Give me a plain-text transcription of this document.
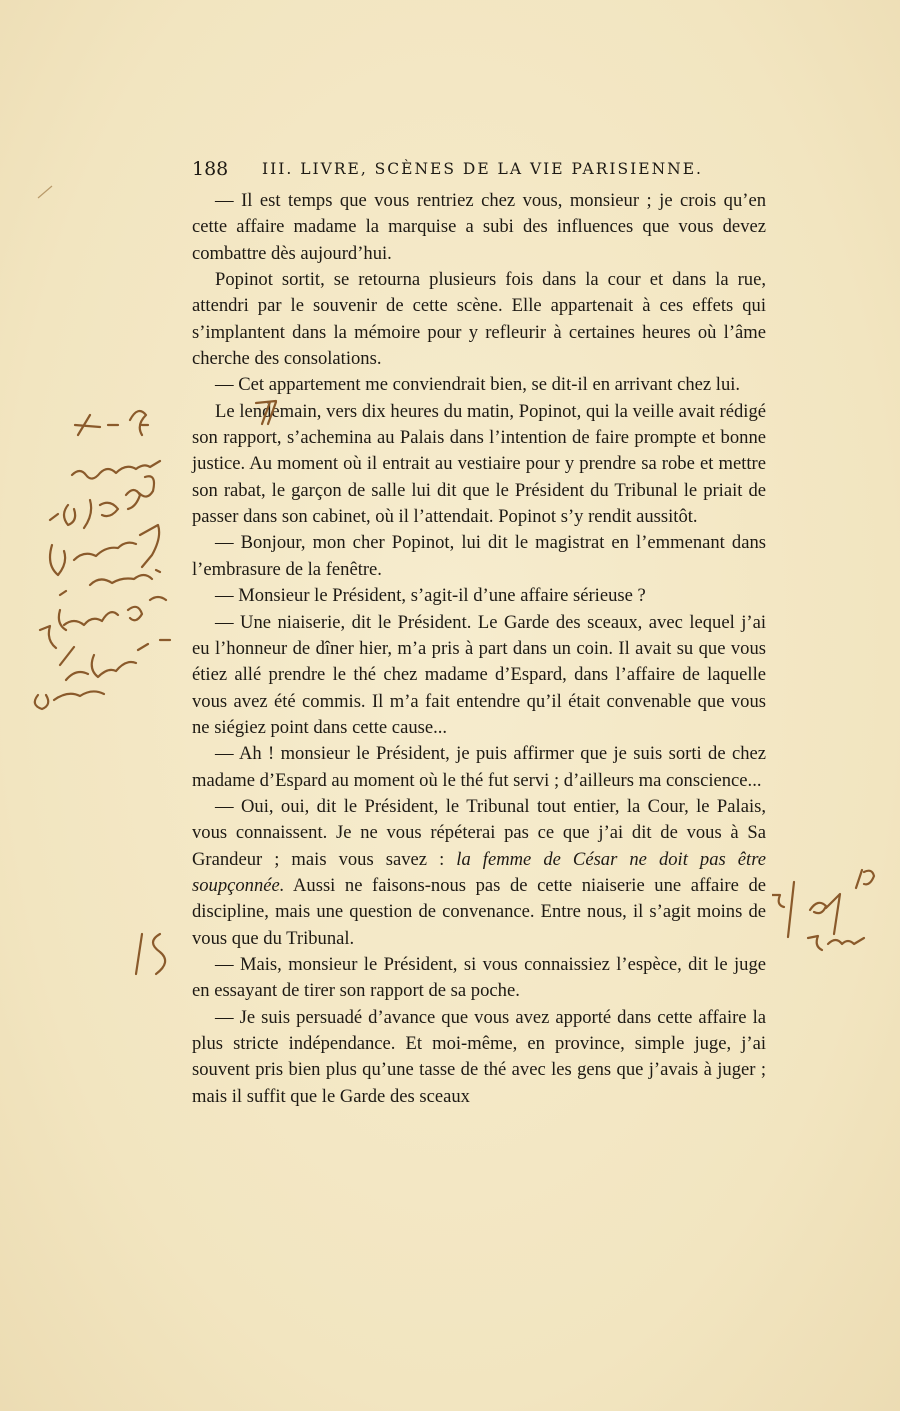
188 III. LIVRE, SCÈNES DE LA VIE PARISIENNE.

— Il est temps que vous rentriez chez vous, monsieur ; je crois qu’en cette affaire madame la marquise a subi des influences que vous devez combattre dès aujourd’hui.

Popinot sortit, se retourna plusieurs fois dans la cour et dans la rue, attendri par le souvenir de cette scène. Elle appartenait à ces effets qui s’implantent dans la mémoire pour y refleurir à certaines heures où l’âme cherche des consolations.

— Cet appartement me conviendrait bien, se dit-il en arrivant chez lui.

Le lendemain, vers dix heures du matin, Popinot, qui la veille avait rédigé son rapport, s’achemina au Palais dans l’intention de faire prompte et bonne justice. Au moment où il entrait au vestiaire pour y prendre sa robe et mettre son rabat, le garçon de salle lui dit que le Président du Tribunal le priait de passer dans son cabinet, où il l’attendait. Popinot s’y rendit aussitôt.

— Bonjour, mon cher Popinot, lui dit le magistrat en l’emmenant dans l’embrasure de la fenêtre.

— Monsieur le Président, s’agit-il d’une affaire sérieuse ?

— Une niaiserie, dit le Président. Le Garde des sceaux, avec lequel j’ai eu l’honneur de dîner hier, m’a pris à part dans un coin. Il avait su que vous étiez allé prendre le thé chez madame d’Espard, dans l’affaire de laquelle vous avez été commis. Il m’a fait entendre qu’il était convenable que vous ne siégiez point dans cette cause...

— Ah ! monsieur le Président, je puis affirmer que je suis sorti de chez madame d’Espard au moment où le thé fut servi ; d’ailleurs ma conscience...

— Oui, oui, dit le Président, le Tribunal tout entier, la Cour, le Palais, vous connaissent. Je ne vous répéterai pas ce que j’ai dit de vous à Sa Grandeur ; mais vous savez : la femme de César ne doit pas être soupçonnée. Aussi ne faisons-nous pas de cette niaiserie une affaire de discipline, mais une question de convenance. Entre nous, il s’agit moins de vous que du Tribunal.

— Mais, monsieur le Président, si vous connaissiez l’espèce, dit le juge en essayant de tirer son rapport de sa poche.

— Je suis persuadé d’avance que vous avez apporté dans cette affaire la plus stricte indépendance. Et moi-même, en province, simple juge, j’ai souvent pris bien plus qu’une tasse de thé avec les gens que j’avais à juger ; mais il suffit que le Garde des sceaux
